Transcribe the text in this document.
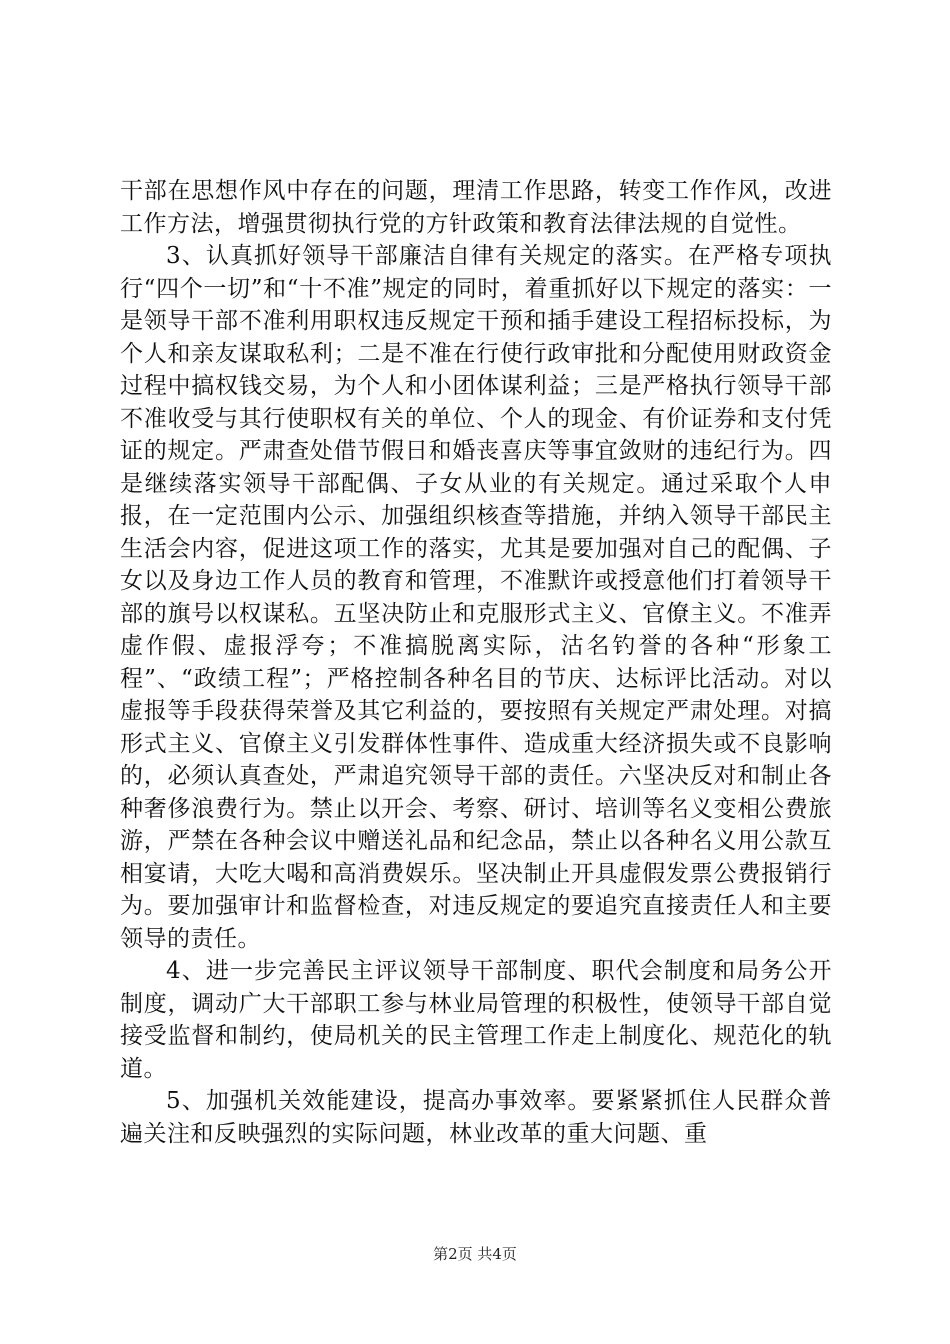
干部在思想作风中存在的问题，理清工作思路，转变工作作风，改进工作方法，增强贯彻执行党的方针政策和教育法律法规的自觉性。

3、认真抓好领导干部廉洁自律有关规定的落实。在严格专项执行“四个一切”和“十不准”规定的同时，着重抓好以下规定的落实：一是领导干部不准利用职权违反规定干预和插手建设工程招标投标，为个人和亲友谋取私利；二是不准在行使行政审批和分配使用财政资金过程中搞权钱交易，为个人和小团体谋利益；三是严格执行领导干部不准收受与其行使职权有关的单位、个人的现金、有价证券和支付凭证的规定。严肃查处借节假日和婚丧喜庆等事宜敛财的违纪行为。四是继续落实领导干部配偶、子女从业的有关规定。通过采取个人申报，在一定范围内公示、加强组织核查等措施，并纳入领导干部民主生活会内容，促进这项工作的落实，尤其是要加强对自己的配偶、子女以及身边工作人员的教育和管理，不准默许或授意他们打着领导干部的旗号以权谋私。五坚决防止和克服形式主义、官僚主义。不准弄虚作假、虚报浮夸；不准搞脱离实际，沽名钓誉的各种“形象工程”、“政绩工程”；严格控制各种名目的节庆、达标评比活动。对以虚报等手段获得荣誉及其它利益的，要按照有关规定严肃处理。对搞形式主义、官僚主义引发群体性事件、造成重大经济损失或不良影响的，必须认真查处，严肃追究领导干部的责任。六坚决反对和制止各种奢侈浪费行为。禁止以开会、考察、研讨、培训等名义变相公费旅游，严禁在各种会议中赠送礼品和纪念品，禁止以各种名义用公款互相宴请，大吃大喝和高消费娱乐。坚决制止开具虚假发票公费报销行为。要加强审计和监督检查，对违反规定的要追究直接责任人和主要领导的责任。

4、进一步完善民主评议领导干部制度、职代会制度和局务公开制度，调动广大干部职工参与林业局管理的积极性，使领导干部自觉接受监督和制约，使局机关的民主管理工作走上制度化、规范化的轨道。

5、加强机关效能建设，提高办事效率。要紧紧抓住人民群众普遍关注和反映强烈的实际问题，林业改革的重大问题、重

第2页 共4页
